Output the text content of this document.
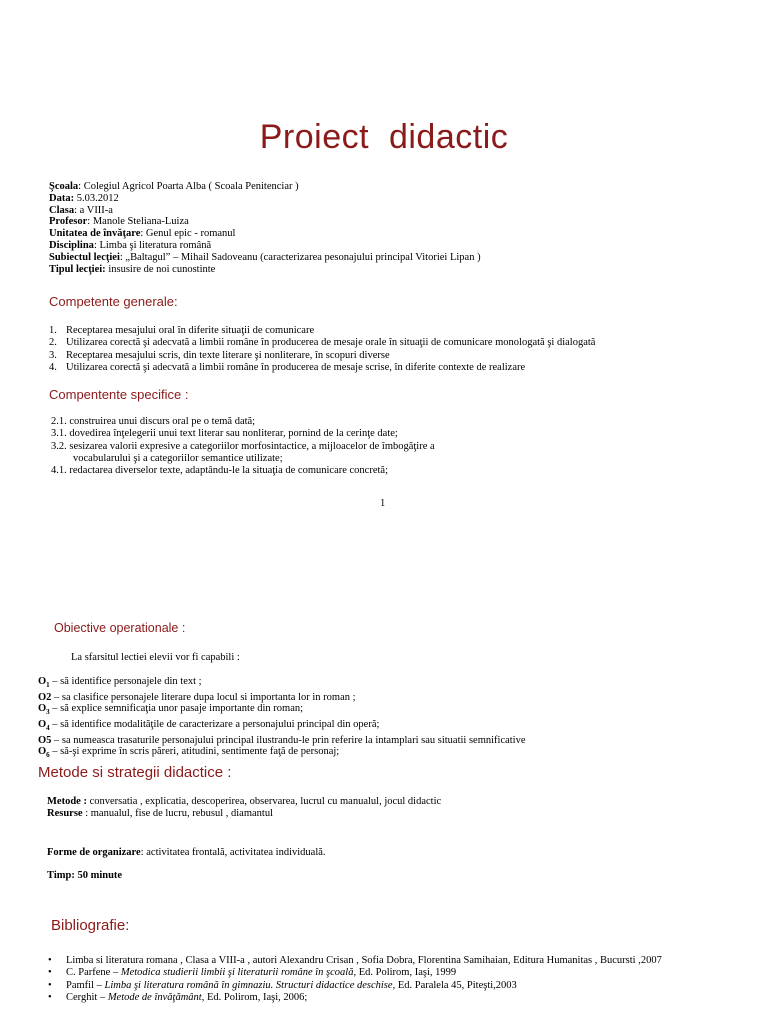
Proiect  didactic
Şcoala: Colegiul Agricol Poarta Alba ( Scoala Penitenciar )
Data: 5.03.2012
Clasa: a VIII-a
Profesor: Manole Steliana-Luiza
Unitatea de învăţare: Genul epic - romanul
Disciplina: Limba şi literatura română
Subiectul lecţiei: „Baltagul” – Mihail Sadoveanu (caracterizarea pesonajului principal Vitoriei Lipan )
Tipul lecţiei: insusire de noi cunostinte
Competente generale:
1. Receptarea mesajului oral în diferite situaţii de comunicare
2. Utilizarea corectă şi adecvată a limbii române în producerea de mesaje orale în situaţii de comunicare monologată şi dialogată
3. Receptarea mesajului scris, din texte literare şi nonliterare, în scopuri diverse
4. Utilizarea corectă şi adecvată a limbii române în producerea de mesaje scrise, în diferite contexte de realizare
Compentente specifice :
2.1. construirea unui discurs oral pe o temă dată;
3.1. dovedirea înţelegerii unui text literar sau nonliterar, pornind de la cerinţe date;
3.2. sesizarea valorii expresive a categoriilor morfosintactice, a mijloacelor de îmbogăţire a
vocabularului şi a categoriilor semantice utilizate;
4.1. redactarea diverselor texte, adaptându-le la situaţia de comunicare concretă;
1
Obiective operationale :
La sfarsitul lectiei elevii vor fi capabili :
$O_1$ – să identifice personajele din text ;
O2 – sa clasifice personajele literare dupa locul si importanta lor in roman ;
$O_3$ – să explice semnificaţia unor pasaje importante din roman;
$O_4$ – să identifice modalităţile de caracterizare a personajului principal din operă;
O5 – sa numeasca trasaturile personajului principal ilustrandu-le prin referire la intamplari sau situatii semnificative
$O_6$ – să-şi exprime în scris păreri, atitudini, sentimente faţă de personaj;
Metode si strategii didactice :
Metode : conversatia , explicatia, descoperirea, observarea, lucrul cu manualul, jocul didactic
Resurse : manualul, fise de lucru, rebusul , diamantul
Forme de organizare: activitatea frontală, activitatea individuală.
Timp: 50 minute
Bibliografie:
• Limba si literatura romana , Clasa a VIII-a , autori Alexandru Crisan , Sofia Dobra, Florentina Samihaian, Editura Humanitas , Bucursti ,2007
• C. Parfene – Metodica studierii limbii şi literaturii române în şcoală, Ed. Polirom, Iaşi, 1999
• Pamfil – Limba şi literatura română în gimnaziu. Structuri didactice deschise, Ed. Paralela 45, Piteşti,2003
• Cerghit – Metode de învăţământ, Ed. Polirom, Iaşi, 2006;
